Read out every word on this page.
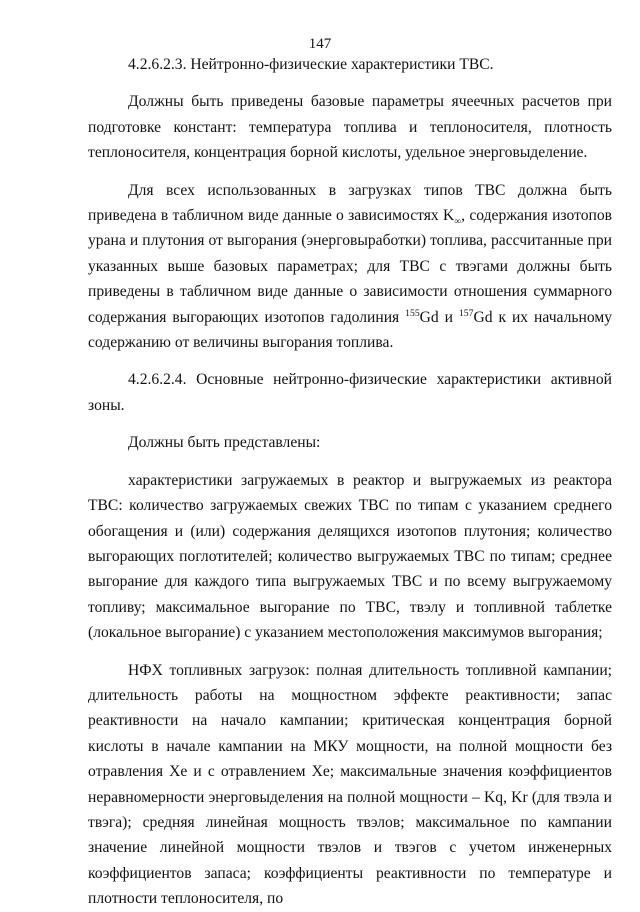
147

4.2.6.2.3. Нейтронно-физические характеристики ТВС.

Должны быть приведены базовые параметры ячеечных расчетов при подготовке констант: температура топлива и теплоносителя, плотность теплоносителя, концентрация борной кислоты, удельное энерговыделение.

Для всех использованных в загрузках типов ТВС должна быть приведена в табличном виде данные о зависимостях $K_\infty$, содержания изотопов урана и плутония от выгорания (энерговыработки) топлива, рассчитанные при указанных выше базовых параметрах; для ТВС с твэгами должны быть приведены в табличном виде данные о зависимости отношения суммарного содержания выгорающих изотопов гадолиния $^{155}$Gd и $^{157}$Gd к их начальному содержанию от величины выгорания топлива.

4.2.6.2.4. Основные нейтронно-физические характеристики активной зоны.

Должны быть представлены:

характеристики загружаемых в реактор и выгружаемых из реактора ТВС: количество загружаемых свежих ТВС по типам с указанием среднего обогащения и (или) содержания делящихся изотопов плутония; количество выгорающих поглотителей; количество выгружаемых ТВС по типам; среднее выгорание для каждого типа выгружаемых ТВС и по всему выгружаемому топливу; максимальное выгорание по ТВС, твэлу и топливной таблетке (локальное выгорание) с указанием местоположения максимумов выгорания;

НФХ топливных загрузок: полная длительность топливной кампании; длительность работы на мощностном эффекте реактивности; запас реактивности на начало кампании; критическая концентрация борной кислоты в начале кампании на МКУ мощности, на полной мощности без отравления Xe и с отравлением Xe; максимальные значения коэффициентов неравномерности энерговыделения на полной мощности – Kq, Kr (для твэла и твэга); средняя линейная мощность твэлов; максимальное по кампании значение линейной мощности твэлов и твэгов с учетом инженерных коэффициентов запаса; коэффициенты реактивности по температуре и плотности теплоносителя, по
